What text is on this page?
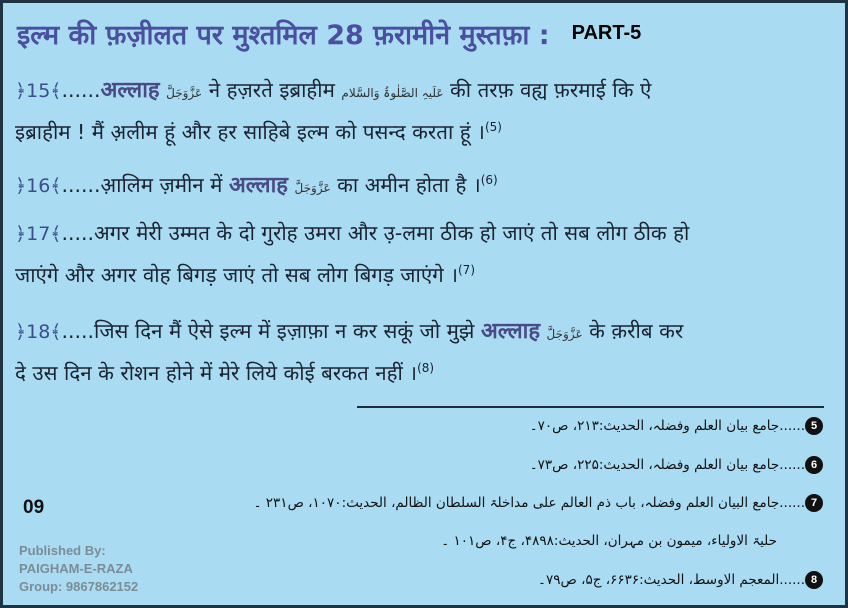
इल्म की फ़ज़ीलत पर मुश्तमिल 28 फ़रामीने मुस्तफ़ा : PART-5
﴿15﴾......अल्लाह عَزَّوَجَلَّ ने हज़रते इब्राहीम عَلَیہِ الصَّلٰوۃُ وَالسَّلام की तरफ़ वह्य फ़रमाई कि ऐ
इब्राहीम ! मैं अ़लीम हूं और हर साहिबे इल्म को पसन्द करता हूं ।$^{(5)}$
﴿16﴾......आ़लिम ज़मीन में अल्लाह عَزَّوَجَلَّ का अमीन होता है ।$^{(6)}$
﴿17﴾.....अगर मेरी उम्मत के दो गुरोह उमरा और उ़-लमा ठीक हो जाएं तो सब लोग ठीक हो
जाएंगे और अगर वोह बिगड़ जाएं तो सब लोग बिगड़ जाएंगे ।$^{(7)}$
﴿18﴾.....जिस दिन मैं ऐसे इल्म में इज़ाफ़ा न कर सकूं जो मुझे अल्लाह عَزَّوَجَلَّ के क़रीब कर
दे उस दिन के रोशन होने में मेरे लिये कोई बरकत नहीं ।$^{(8)}$
5......جامع بیان العلم وفضلہ، الحدیث:۲۱۳، ص۷۰۔
6......جامع بیان العلم وفضلہ، الحدیث:۲۲۵، ص۷۳۔
7......جامع البیان العلم وفضلہ، باب ذم العالم علی مداخلۃ السلطان الظالم، الحدیث:۱۰۷۰، ص۲۳۱ ۔
حلیۃ الاولیاء، میمون بن مہران، الحدیث:۴۸۹۸، ج۴، ص۱۰۱ ۔
8......المعجم الاوسط، الحدیث:۶۶۳۶، ج۵، ص۷۹۔
09
Published By:
PAIGHAM-E-RAZA
Group: 9867862152
